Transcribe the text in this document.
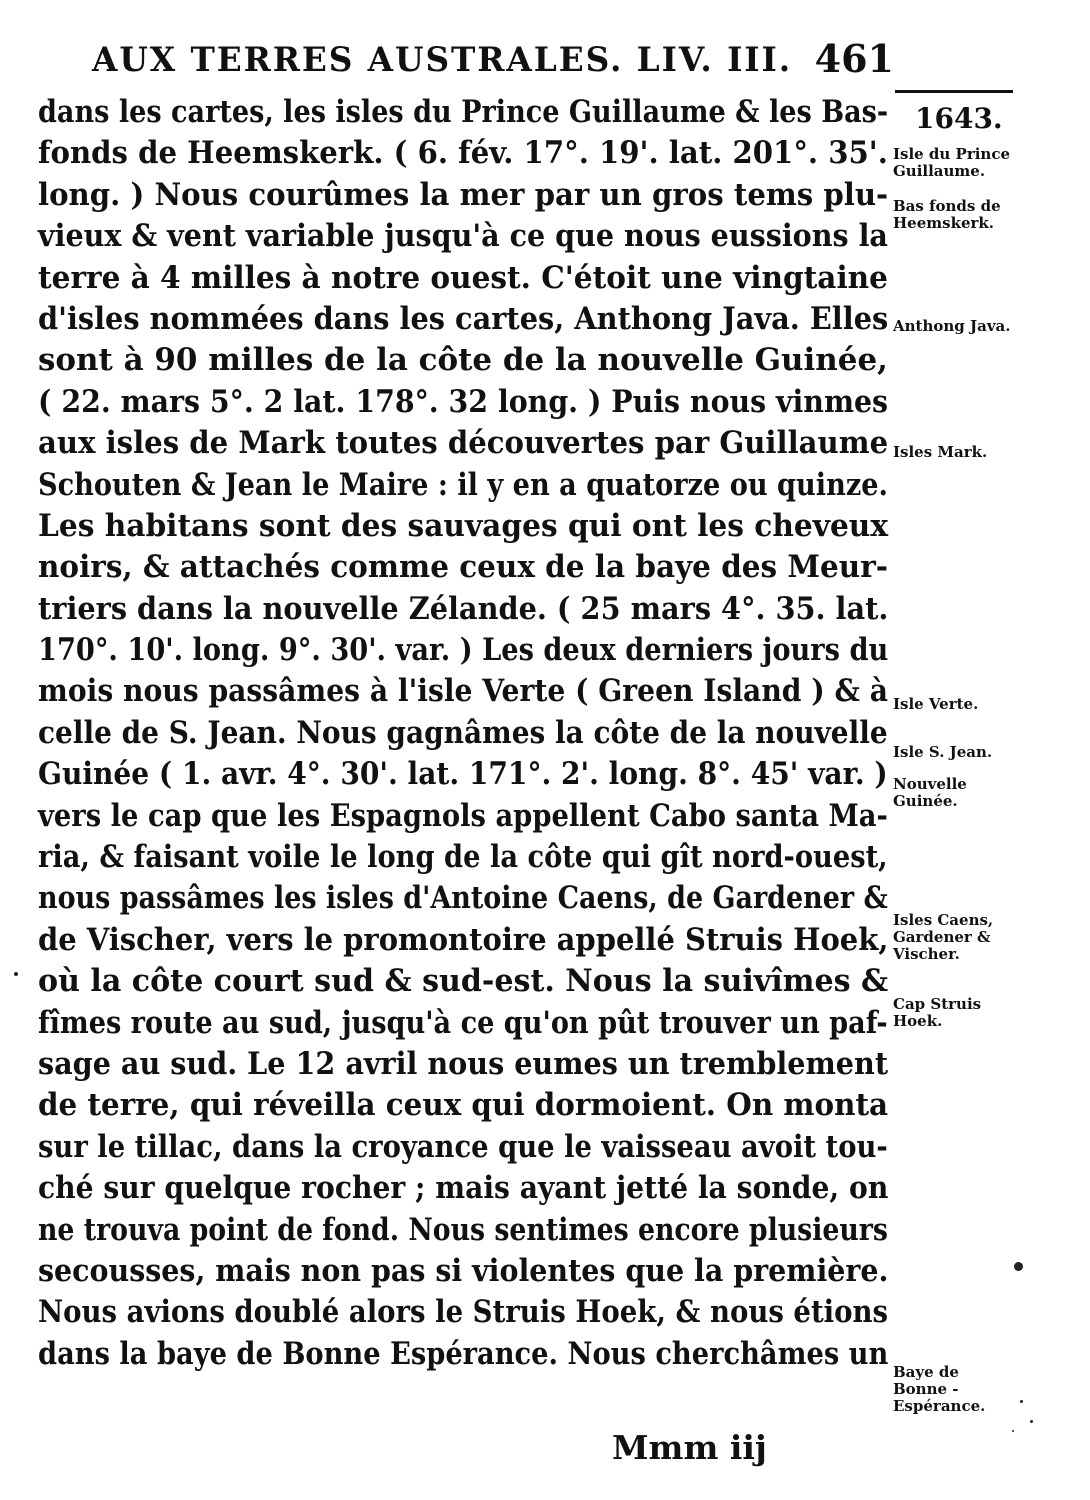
AUX TERRES AUSTRALES. LIV. III. 461
1643.
dans les cartes, les isles du Prince Guillaume & les Bas-
fonds de Heemskerk. ( 6. fév. 17°. 19'. lat. 201°. 35'.
long. ) Nous courûmes la mer par un gros tems plu-
vieux & vent variable jusqu'à ce que nous eussions la
terre à 4 milles à notre ouest. C'étoit une vingtaine
d'isles nommées dans les cartes, Anthong Java. Elles
sont à 90 milles de la côte de la nouvelle Guinée,
( 22. mars 5°. 2 lat. 178°. 32 long. ) Puis nous vinmes
aux isles de Mark toutes découvertes par Guillaume
Schouten & Jean le Maire : il y en a quatorze ou quinze.
Les habitans sont des sauvages qui ont les cheveux
noirs, & attachés comme ceux de la baye des Meur-
triers dans la nouvelle Zélande. ( 25 mars 4°. 35. lat.
170°. 10'. long. 9°. 30'. var. ) Les deux derniers jours du
mois nous passâmes à l'isle Verte ( Green Island ) & à
celle de S. Jean. Nous gagnâmes la côte de la nouvelle
Guinée ( 1. avr. 4°. 30'. lat. 171°. 2'. long. 8°. 45' var. )
vers le cap que les Espagnols appellent Cabo santa Ma-
ria, & faisant voile le long de la côte qui gît nord-ouest,
nous passâmes les isles d'Antoine Caens, de Gardener &
de Vischer, vers le promontoire appellé Struis Hoek,
où la côte court sud & sud-est. Nous la suivîmes &
fîmes route au sud, jusqu'à ce qu'on pût trouver un paf-
sage au sud. Le 12 avril nous eumes un tremblement
de terre, qui réveilla ceux qui dormoient. On monta
sur le tillac, dans la croyance que le vaisseau avoit tou-
ché sur quelque rocher ; mais ayant jetté la sonde, on
ne trouva point de fond. Nous sentimes encore plusieurs
secousses, mais non pas si violentes que la première.
Nous avions doublé alors le Struis Hoek, & nous étions
dans la baye de Bonne Espérance. Nous cherchâmes un
Isle du Prince Guillaume.
Bas fonds de Heemskerk.
Anthong Java.
Isles Mark.
Isle Verte.
Isle S. Jean.
Nouvelle Guinée.
Isles Caens, Gardener & Vischer.
Cap Struis Hoek.
Baye de Bonne - Espérance.
Mmm iij
